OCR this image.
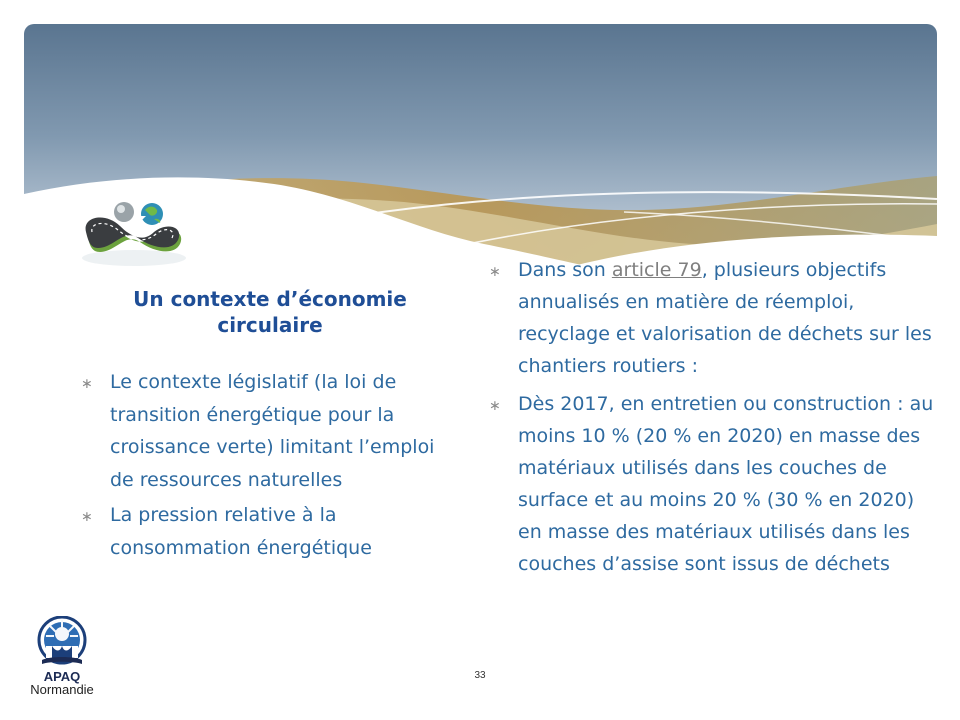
Un contexte d’économie circulaire
∗ Le contexte législatif (la loi de transition énergétique pour la croissance verte) limitant l’emploi de ressources naturelles
∗ La pression relative à la consommation énergétique
∗ Dans son article 79, plusieurs objectifs annualisés en matière de réemploi, recyclage et valorisation de déchets sur les chantiers routiers :
∗ Dès 2017, en entretien ou construction : au moins 10 % (20 % en 2020) en masse des matériaux utilisés dans les couches de surface et au moins 20 % (30 % en 2020) en masse des matériaux utilisés dans les couches d’assise sont issus de déchets
33
APAQ
Normandie
